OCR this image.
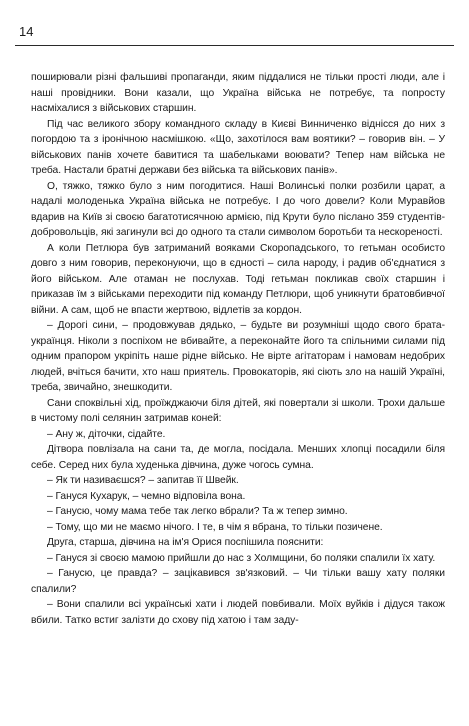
14

поширювали різні фальшиві пропаганди, яким піддалися не тільки прості люди, але і наші провідники. Вони казали, що Україна війська не потребує, та попросту насміхалися з військових старшин.

Під час великого збору командного складу в Києві Винниченко віднісся до них з погордою та з іронічною насмішкою. «Що, захотілося вам воятики? – говорив він. – У військових панів хочете бавитися та шабельками воювати? Тепер нам війська не треба. Настали братні держави без війська та військових панів».

О, тяжко, тяжко було з ним погодитися. Наші Волинські полки розбили царат, а надалі молоденька Україна війська не потребує. І до чого довели? Коли Муравйов вдарив на Київ зі своєю багатотисячною армією, під Крути було післано 359 студентів-добровольців, які загинули всі до одного та стали символом боротьби та нескореності.

А коли Петлюра був затриманий вояками Скоропадського, то гетьман особисто довго з ним говорив, переконуючи, що в єдності – сила народу, і радив об'єднатися з його військом. Але отаман не послухав. Тоді гетьман покликав своїх старшин і приказав їм з військами переходити під команду Петлюри, щоб уникнути братовбивчої війни. А сам, щоб не впасти жертвою, відлетів за кордон.

– Дорогі сини, – продовжував дядько, – будьте ви розумніші щодо свого брата-українця. Ніколи з поспіхом не вбивайте, а переконайте його та спільними силами під одним прапором укріпіть наше рідне військо. Не вірте агітаторам і намовам недобрих людей, вчіться бачити, хто наш приятель. Провокаторів, які сіють зло на нашій Україні, треба, звичайно, знешкодити.

Сани споквільні хід, проїжджаючи біля дітей, які повертали зі школи. Трохи дальше в чистому полі селянин затримав коней:

– Ану ж, діточки, сідайте.

Дітвора повлізала на сани та, де могла, посідала. Менших хлопці посадили біля себе. Серед них була худенька дівчина, дуже чогось сумна.

– Як ти називаєшся? – запитав її Швейк.

– Гануся Кухарук, – чемно відповіла вона.

– Ганусю, чому мама тебе так легко вбрали? Та ж тепер зимно.

– Тому, що ми не маємо нічого. І те, в чім я вбрана, то тільки позичене.

Друга, старша, дівчина на ім'я Орися поспішила пояснити:

– Гануся зі своєю мамою прийшли до нас з Холмщини, бо поляки спалили їх хату.

– Ганусю, це правда? – зацікавився зв'язковий. – Чи тільки вашу хату поляки спалили?

– Вони спалили всі українські хати і людей повбивали. Моїх вуйків і дідуся також вбили. Татко встиг залізти до схову під хатою і там заду-
